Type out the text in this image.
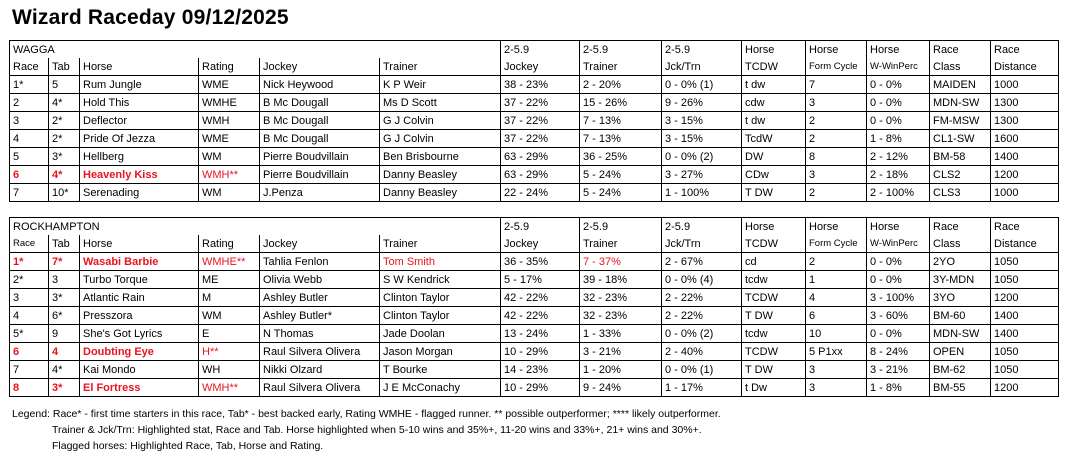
Wizard Raceday 09/12/2025
WAGGA						2-5.9	2-5.9	2-5.9	Horse	Horse	Horse	Race	Race
Race	Tab	Horse	Rating	Jockey	Trainer	Jockey	Trainer	Jck/Trn	TCDW	Form Cycle	W-WinPerc	Class	Distance
1*	5	Rum Jungle	WME	Nick Heywood	K P Weir	38 - 23%	2 - 20%	0 - 0% (1)	t dw	7	0 - 0%	MAIDEN	1000
2	4*	Hold This	WMHE	B Mc Dougall	Ms D Scott	37 - 22%	15 - 26%	9 - 26%	cdw	3	0 - 0%	MDN-SW	1300
3	2*	Deflector	WMH	B Mc Dougall	G J Colvin	37 - 22%	7 - 13%	3 - 15%	t dw	2	0 - 0%	FM-MSW	1300
4	2*	Pride Of Jezza	WME	B Mc Dougall	G J Colvin	37 - 22%	7 - 13%	3 - 15%	TcdW	2	1 - 8%	CL1-SW	1600
5	3*	Hellberg	WM	Pierre Boudvillain	Ben Brisbourne	63 - 29%	36 - 25%	0 - 0% (2)	DW	8	2 - 12%	BM-58	1400
6	4*	Heavenly Kiss	WMH**	Pierre Boudvillain	Danny Beasley	63 - 29%	5 - 24%	3 - 27%	CDw	3	2 - 18%	CLS2	1200
7	10*	Serenading	WM	J.Penza	Danny Beasley	22 - 24%	5 - 24%	1 - 100%	T DW	2	2 - 100%	CLS3	1000
ROCKHAMPTON						2-5.9	2-5.9	2-5.9	Horse	Horse	Horse	Race	Race
Race	Tab	Horse	Rating	Jockey	Trainer	Jockey	Trainer	Jck/Trn	TCDW	Form Cycle	W-WinPerc	Class	Distance
1*	7*	Wasabi Barbie	WMHE**	Tahlia Fenlon	Tom Smith	36 - 35%	7 - 37%	2 - 67%	cd	2	0 - 0%	2YO	1050
2*	3	Turbo Torque	ME	Olivia Webb	S W Kendrick	5 - 17%	39 - 18%	0 - 0% (4)	tcdw	1	0 - 0%	3Y-MDN	1050
3	3*	Atlantic Rain	M	Ashley Butler	Clinton Taylor	42 - 22%	32 - 23%	2 - 22%	TCDW	4	3 - 100%	3YO	1200
4	6*	Presszora	WM	Ashley Butler*	Clinton Taylor	42 - 22%	32 - 23%	2 - 22%	T DW	6	3 - 60%	BM-60	1400
5*	9	She's Got Lyrics	E	N Thomas	Jade Doolan	13 - 24%	1 - 33%	0 - 0% (2)	tcdw	10	0 - 0%	MDN-SW	1400
6	4	Doubting Eye	H**	Raul Silvera Olivera	Jason Morgan	10 - 29%	3 - 21%	2 - 40%	TCDW	5 P1xx	8 - 24%	OPEN	1050
7	4*	Kai Mondo	WH	Nikki Olzard	T Bourke	14 - 23%	1 - 20%	0 - 0% (1)	T DW	3	3 - 21%	BM-62	1050
8	3*	El Fortress	WMH**	Raul Silvera Olivera	J E McConachy	10 - 29%	9 - 24%	1 - 17%	t Dw	3	1 - 8%	BM-55	1200
Legend: Race* - first time starters in this race, Tab* - best backed early, Rating WMHE - flagged runner. ** possible outperformer; **** likely outperformer.
Trainer & Jck/Trn: Highlighted stat, Race and Tab. Horse highlighted when 5-10 wins and 35%+, 11-20 wins and 33%+, 21+ wins and 30%+.
Flagged horses: Highlighted Race, Tab, Horse and Rating.
